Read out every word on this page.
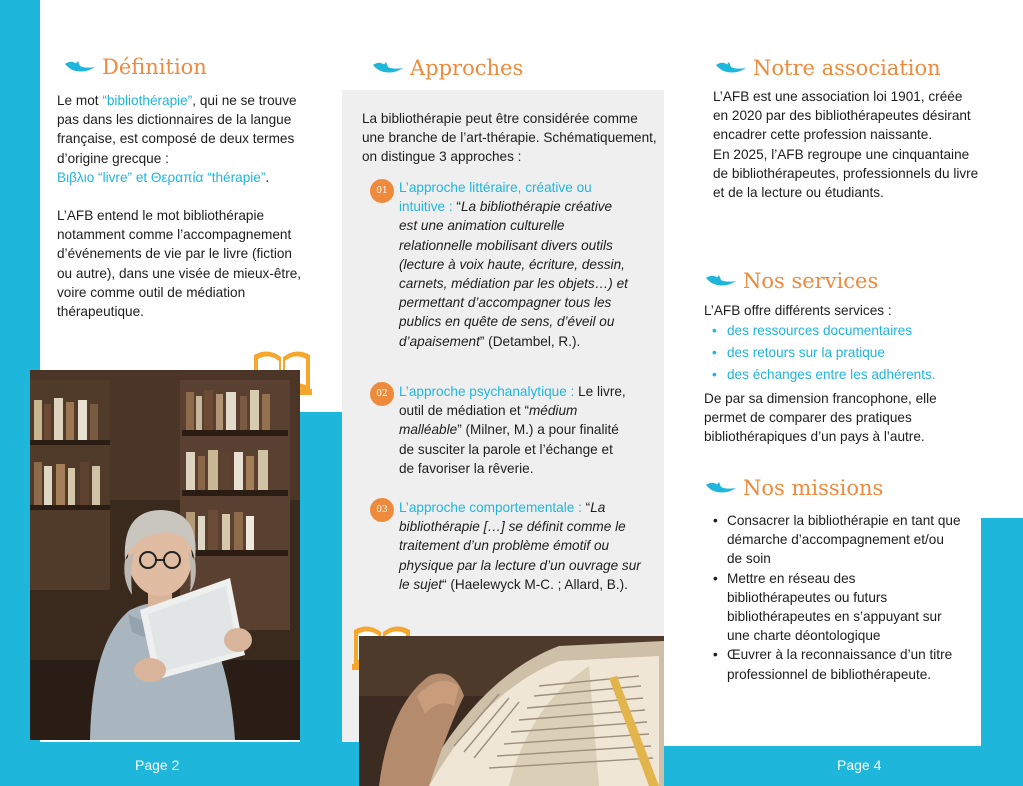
Définition

Le mot “bibliothérapie”, qui ne se trouve pas dans les dictionnaires de la langue française, est composé de deux termes d’origine grecque :
Βιβλιο “livre” et Θεραπία “thérapie”.

L’AFB entend le mot bibliothérapie notamment comme l’accompagnement d’événements de vie par le livre (fiction ou autre), dans une visée de mieux-être, voire comme outil de médiation thérapeutique.

Page 2
Approches
La bibliothérapie peut être considérée comme une branche de l’art-thérapie. Schématiquement, on distingue 3 approches :
01 L’approche littéraire, créative ou intuitive : “La bibliothérapie créative est une animation culturelle relationnelle mobilisant divers outils (lecture à voix haute, écriture, dessin, carnets, médiation par les objets…) et permettant d’accompagner tous les publics en quête de sens, d’éveil ou d’apaisement” (Detambel, R.).
02 L’approche psychanalytique : Le livre, outil de médiation et “médium malléable” (Milner, M.) a pour finalité de susciter la parole et l’échange et de favoriser la rêverie.
03 L’approche comportementale : “La bibliothérapie […] se définit comme le traitement d’un problème émotif ou physique par la lecture d’un ouvrage sur le sujet“ (Haelewyck M-C. ; Allard, B.).
Notre association

L’AFB est une association loi 1901, créée en 2020 par des bibliothérapeutes désirant encadrer cette profession naissante.

En 2025, l’AFB regroupe une cinquantaine de bibliothérapeutes, professionnels du livre et de la lecture ou étudiants.

Nos services
L’AFB offre différents services :
• des ressources documentaires
• des retours sur la pratique
• des échanges entre les adhérents.
De par sa dimension francophone, elle permet de comparer des pratiques bibliothérapiques d’un pays à l’autre.
Nos missions
• Consacrer la bibliothérapie en tant que démarche d’accompagnement et/ou de soin
• Mettre en réseau des bibliothérapeutes ou futurs bibliothérapeutes en s’appuyant sur une charte déontologique
• Œuvrer à la reconnaissance d’un titre professionnel de bibliothérapeute.
Page 4
